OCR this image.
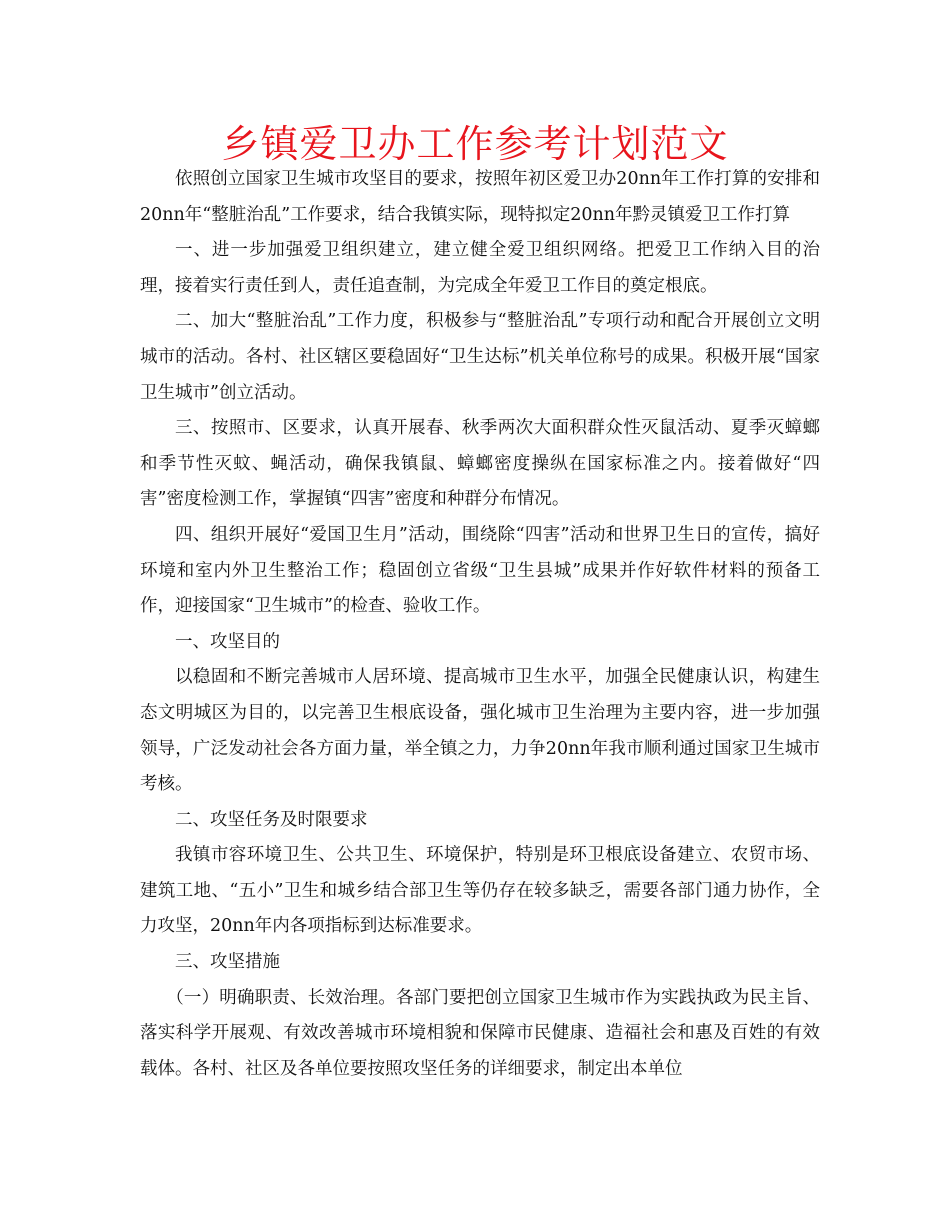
乡镇爱卫办工作参考计划范文

依照创立国家卫生城市攻坚目的要求，按照年初区爱卫办20nn年工作打算的安排和20nn年“整脏治乱”工作要求，结合我镇实际，现特拟定20nn年黔灵镇爱卫工作打算

一、进一步加强爱卫组织建立，建立健全爱卫组织网络。把爱卫工作纳入目的治理，接着实行责任到人，责任追查制，为完成全年爱卫工作目的奠定根底。

二、加大“整脏治乱”工作力度，积极参与“整脏治乱”专项行动和配合开展创立文明城市的活动。各村、社区辖区要稳固好“卫生达标”机关单位称号的成果。积极开展“国家卫生城市”创立活动。

三、按照市、区要求，认真开展春、秋季两次大面积群众性灭鼠活动、夏季灭蟑螂和季节性灭蚊、蝇活动，确保我镇鼠、蟑螂密度操纵在国家标准之内。接着做好“四害”密度检测工作，掌握镇“四害”密度和种群分布情况。

四、组织开展好“爱国卫生月”活动，围绕除“四害”活动和世界卫生日的宣传，搞好环境和室内外卫生整治工作；稳固创立省级“卫生县城”成果并作好软件材料的预备工作，迎接国家“卫生城市”的检查、验收工作。

一、攻坚目的

以稳固和不断完善城市人居环境、提高城市卫生水平，加强全民健康认识，构建生态文明城区为目的，以完善卫生根底设备，强化城市卫生治理为主要内容，进一步加强领导，广泛发动社会各方面力量，举全镇之力，力争20nn年我市顺利通过国家卫生城市考核。

二、攻坚任务及时限要求

我镇市容环境卫生、公共卫生、环境保护，特别是环卫根底设备建立、农贸市场、建筑工地、“五小”卫生和城乡结合部卫生等仍存在较多缺乏，需要各部门通力协作，全力攻坚，20nn年内各项指标到达标准要求。

三、攻坚措施

（一）明确职责、长效治理。各部门要把创立国家卫生城市作为实践执政为民主旨、落实科学开展观、有效改善城市环境相貌和保障市民健康、造福社会和惠及百姓的有效载体。各村、社区及各单位要按照攻坚任务的详细要求，制定出本单位
